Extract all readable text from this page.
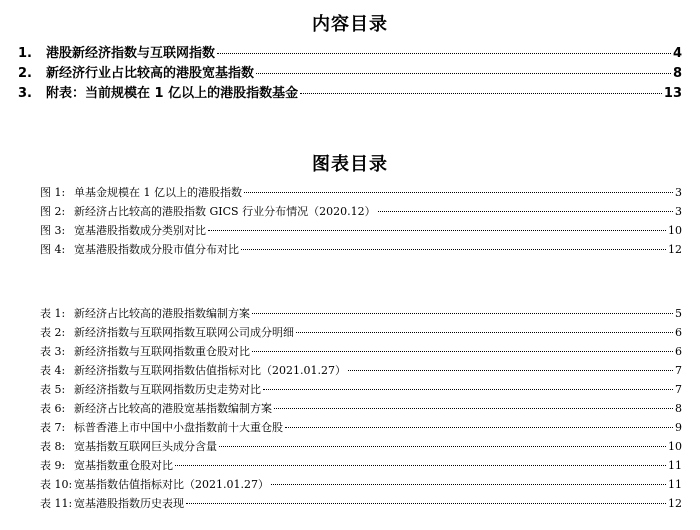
内容目录
1. 港股新经济指数与互联网指数	4
2. 新经济行业占比较高的港股宽基指数	8
3. 附表：当前规模在 1 亿以上的港股指数基金	13
图表目录
图 1: 单基金规模在 1 亿以上的港股指数	3
图 2: 新经济占比较高的港股指数 GICS 行业分布情况（2020.12）	3
图 3: 宽基港股指数成分类别对比	10
图 4: 宽基港股指数成分股市值分布对比	12
表 1: 新经济占比较高的港股指数编制方案	5
表 2: 新经济指数与互联网指数互联网公司成分明细	6
表 3: 新经济指数与互联网指数重仓股对比	6
表 4: 新经济指数与互联网指数估值指标对比（2021.01.27）	7
表 5: 新经济指数与互联网指数历史走势对比	7
表 6: 新经济占比较高的港股宽基指数编制方案	8
表 7: 标普香港上市中国中小盘指数前十大重仓股	9
表 8: 宽基指数互联网巨头成分含量	10
表 9: 宽基指数重仓股对比	11
表 10: 宽基指数估值指标对比（2021.01.27）	11
表 11: 宽基港股指数历史表现	12
